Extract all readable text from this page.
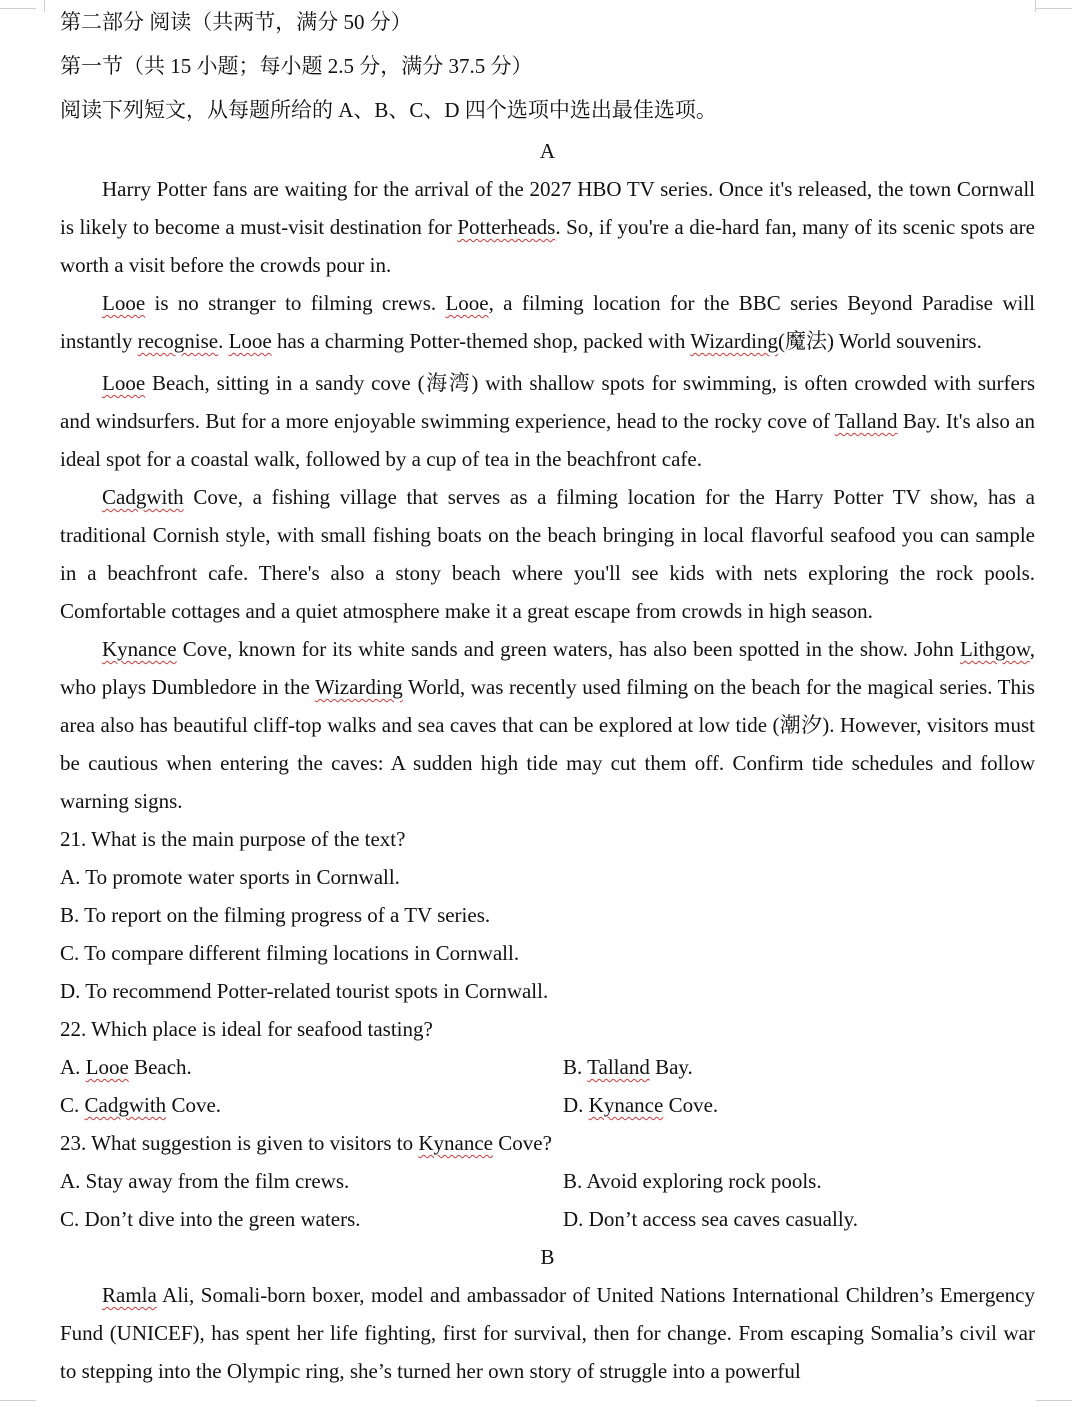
第二部分 阅读（共两节，满分 50 分）
第一节（共 15 小题；每小题 2.5 分，满分 37.5 分）
阅读下列短文，从每题所给的 A、B、C、D 四个选项中选出最佳选项。
A

Harry Potter fans are waiting for the arrival of the 2027 HBO TV series. Once it's released, the town Cornwall is likely to become a must-visit destination for Potterheads. So, if you're a die-hard fan, many of its scenic spots are worth a visit before the crowds pour in.

Looe is no stranger to filming crews. Looe, a filming location for the BBC series Beyond Paradise will instantly recognise. Looe has a charming Potter-themed shop, packed with Wizarding(魔法) World souvenirs.

Looe Beach, sitting in a sandy cove (海湾) with shallow spots for swimming, is often crowded with surfers and windsurfers. But for a more enjoyable swimming experience, head to the rocky cove of Talland Bay. It's also an ideal spot for a coastal walk, followed by a cup of tea in the beachfront cafe.

Cadgwith Cove, a fishing village that serves as a filming location for the Harry Potter TV show, has a traditional Cornish style, with small fishing boats on the beach bringing in local flavorful seafood you can sample in a beachfront cafe. There's also a stony beach where you'll see kids with nets exploring the rock pools. Comfortable cottages and a quiet atmosphere make it a great escape from crowds in high season.

Kynance Cove, known for its white sands and green waters, has also been spotted in the show. John Lithgow, who plays Dumbledore in the Wizarding World, was recently used filming on the beach for the magical series. This area also has beautiful cliff-top walks and sea caves that can be explored at low tide (潮汐). However, visitors must be cautious when entering the caves: A sudden high tide may cut them off. Confirm tide schedules and follow warning signs.

21. What is the main purpose of the text?
A. To promote water sports in Cornwall.
B. To report on the filming progress of a TV series.
C. To compare different filming locations in Cornwall.
D. To recommend Potter-related tourist spots in Cornwall.
22. Which place is ideal for seafood tasting?
A. Looe Beach.	B. Talland Bay.
C. Cadgwith Cove.	D. Kynance Cove.
23. What suggestion is given to visitors to Kynance Cove?
A. Stay away from the film crews.	B. Avoid exploring rock pools.
C. Don’t dive into the green waters.	D. Don’t access sea caves casually.
B

Ramla Ali, Somali-born boxer, model and ambassador of United Nations International Children’s Emergency Fund (UNICEF), has spent her life fighting, first for survival, then for change. From escaping Somalia’s civil war to stepping into the Olympic ring, she’s turned her own story of struggle into a powerful
